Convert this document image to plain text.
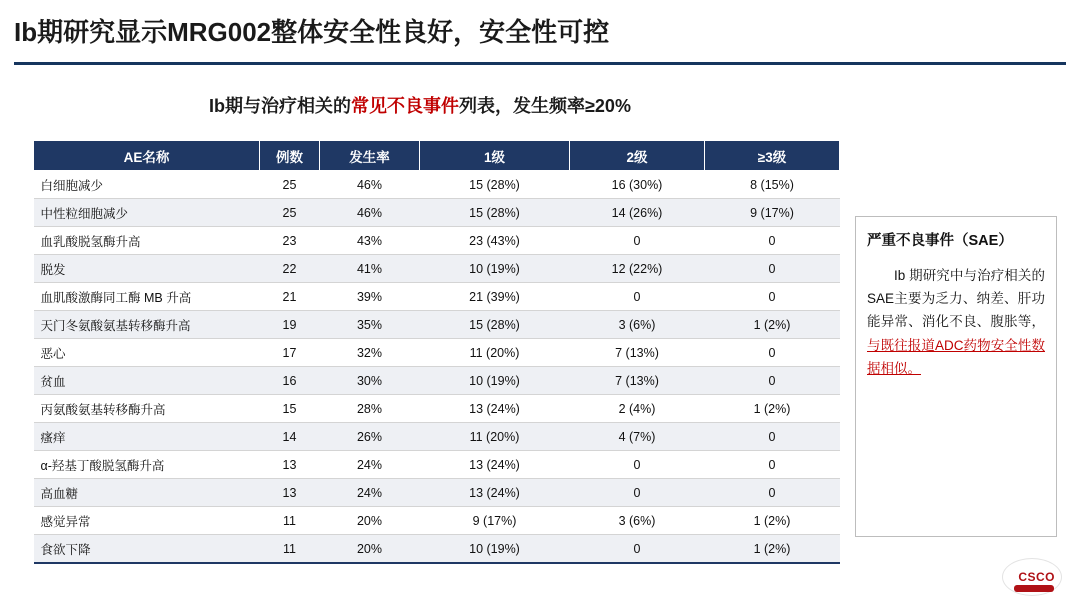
Ib期研究显示MRG002整体安全性良好，安全性可控
Ib期与治疗相关的常见不良事件列表，发生频率≥20%
AE名称	例数	发生率	1级	2级	≥3级
白细胞减少	25	46%	15 (28%)	16 (30%)	8 (15%)
中性粒细胞减少	25	46%	15 (28%)	14 (26%)	9 (17%)
血乳酸脱氢酶升高	23	43%	23 (43%)	0	0
脱发	22	41%	10 (19%)	12 (22%)	0
血肌酸激酶同工酶 MB 升高	21	39%	21 (39%)	0	0
天门冬氨酸氨基转移酶升高	19	35%	15 (28%)	3 (6%)	1 (2%)
恶心	17	32%	11 (20%)	7 (13%)	0
贫血	16	30%	10 (19%)	7 (13%)	0
丙氨酸氨基转移酶升高	15	28%	13 (24%)	2 (4%)	1 (2%)
瘙痒	14	26%	11 (20%)	4 (7%)	0
α-羟基丁酸脱氢酶升高	13	24%	13 (24%)	0	0
高血糖	13	24%	13 (24%)	0	0
感觉异常	11	20%	9 (17%)	3 (6%)	1 (2%)
食欲下降	11	20%	10 (19%)	0	1 (2%)
严重不良事件（SAE）
Ib 期研究中与治疗相关的SAE主要为乏力、纳差、肝功能异常、消化不良、腹胀等，与既往报道ADC药物安全性数据相似。
CSCO
